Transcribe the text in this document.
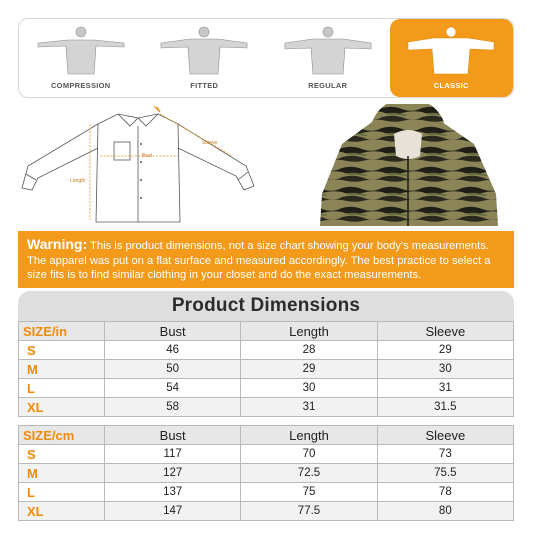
COMPRESSION	FITTED	REGULAR	CLASSIC
Bust
Sleeve
Length
Warning: This is product dimensions, not a size chart showing your body's measurements. The apparel was put on a flat surface and measured accordingly. The best practice to select a size fits is to find similar clothing in your closet and do the exact measurements.
Product Dimensions
SIZE/in	Bust	Length	Sleeve
S	46	28	29
M	50	29	30
L	54	30	31
XL	58	31	31.5
SIZE/cm	Bust	Length	Sleeve
S	117	70	73
M	127	72.5	75.5
L	137	75	78
XL	147	77.5	80
